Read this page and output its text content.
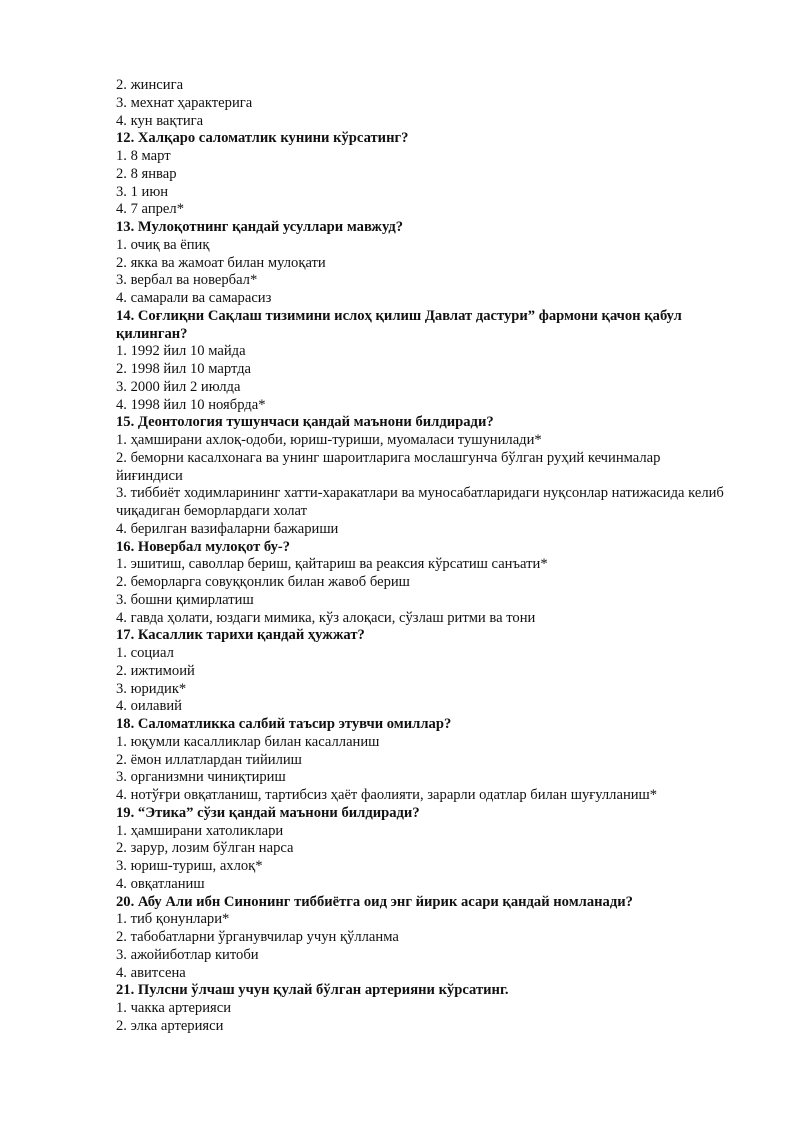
2. жинсига
3. мехнат ҳарактерига
4. кун вақтига
12. Халқаро саломатлик кунини кўрсатинг?
1. 8 март
2. 8 январ
3. 1 июн
4. 7 апрел*
13. Мулоқотнинг қандай усуллари мавжуд?
1. очиқ ва ёпиқ
2. якка ва жамоат билан мулоқати
3. вербал ва новербал*
4. самарали ва самарасиз
14. Соғлиқни Сақлаш тизимини ислоҳ қилиш Давлат дастури” фармони қачон қабул қилинган?
1. 1992 йил 10 майда
2. 1998 йил 10 мартда
3. 2000 йил 2 июлда
4. 1998 йил 10 ноябрда*
15. Деонтология тушунчаси қандай маънони билдиради?
1. ҳамширани ахлоқ-одоби, юриш-туриши, муомаласи тушунилади*
2. беморни касалхонага ва унинг шароитларига мослашгунча бўлган руҳий кечинмалар йиғиндиси
3. тиббиёт ходимларининг хатти-харакатлари ва муносабатларидаги нуқсонлар натижасида келиб чиқадиган беморлардаги холат
4. берилган вазифаларни бажариши
16. Новербал мулоқот бу-?
1. эшитиш, саволлар бериш, қайтариш ва реаксия кўрсатиш санъати*
2. беморларга совуққонлик билан жавоб бериш
3. бошни қимирлатиш
4. гавда ҳолати, юздаги мимика, кўз алоқаси, сўзлаш ритми ва тони
17. Касаллик тарихи қандай ҳужжат?
1. социал
2. ижтимоий
3. юридик*
4. оилавий
18. Саломатликка салбий таъсир этувчи омиллар?
1. юқумли касалликлар билан касалланиш
2. ёмон иллатлардан тийилиш
3. организмни чиниқтириш
4. нотўғри овқатланиш, тартибсиз ҳаёт фаолияти, зарарли одатлар билан шуғулланиш*
19. “Этика” сўзи қандай маънони билдиради?
1. ҳамширани хатоликлари
2. зарур, лозим бўлган нарса
3. юриш-туриш, ахлоқ*
4. овқатланиш
20. Абу Али ибн Синонинг тиббиётга оид энг йирик асари қандай номланади?
1. тиб қонунлари*
2. табобатларни ўрганувчилар учун қўлланма
3. ажойиботлар китоби
4. авитсена
21. Пулсни ўлчаш учун қулай бўлган артерияни кўрсатинг.
1. чакка артерияси
2. элка артерияси
